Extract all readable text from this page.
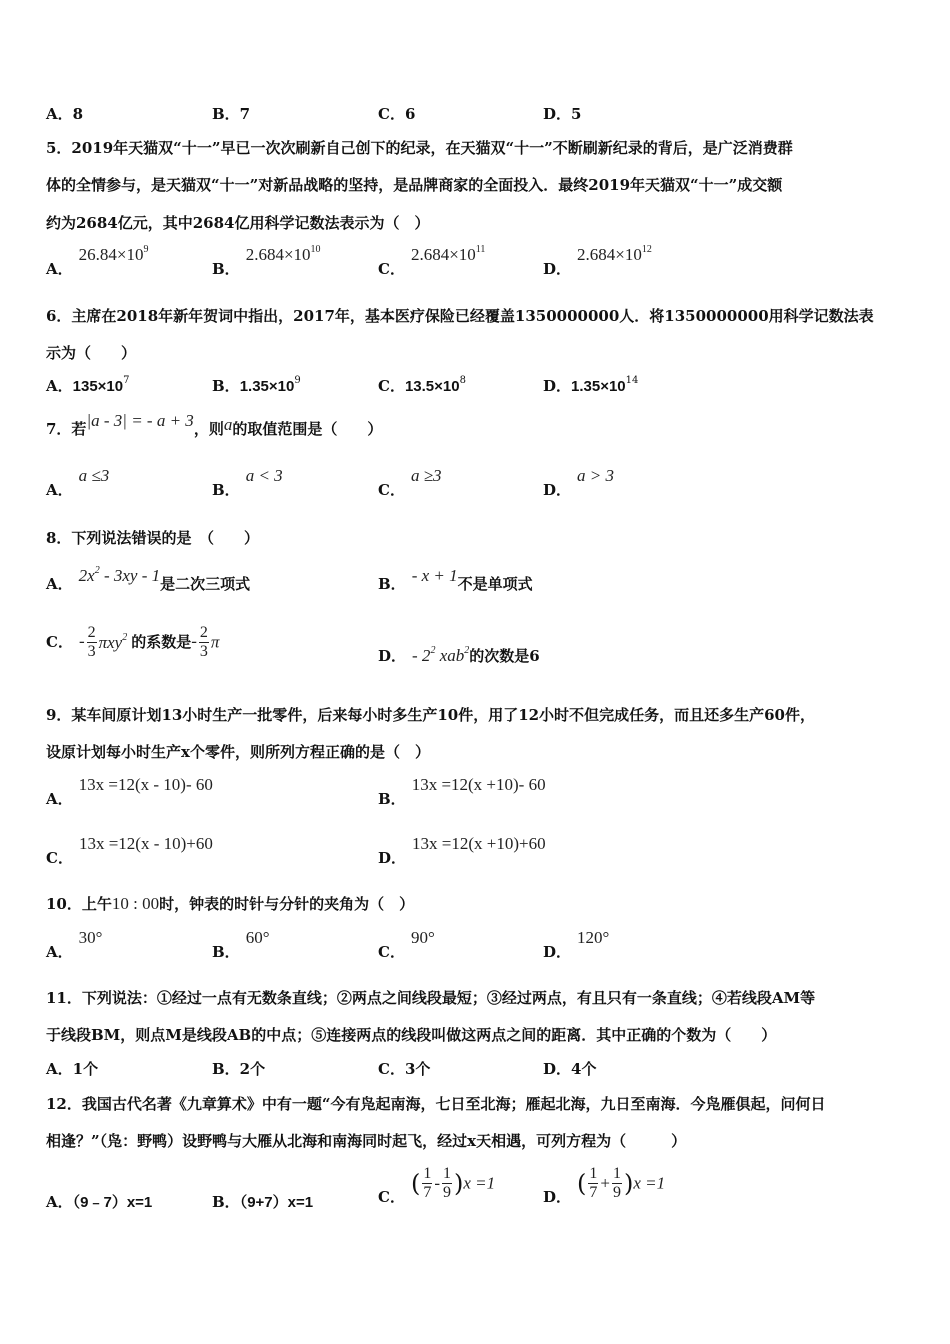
A．8	B．7	C．6	D．5
5．2019年天猫双“十一”早已一次次刷新自己创下的纪录，在天猫双“十一”不断刷新纪录的背后，是广泛消费群
体的全情参与，是天猫双“十一”对新品战略的坚持，是品牌商家的全面投入．最终2019年天猫双“十一”成交额
约为2684亿元，其中2684亿用科学记数法表示为（　）
A．$26.84\times 10^9$
B．$2.684\times 10^{10}$
C．$2.684\times 10^{11}$
D．$2.684\times 10^{12}$
6．主席在2018年新年贺词中指出，2017年，基本医疗保险已经覆盖1350000000人．将1350000000用科学记数法表
示为（　　）
A．$135\times 10^7$	B．$1.35\times 10^9$	C．$13.5\times 10^8$	D．$1.35\times 10^{14}$
7．若|a - 3| = - a + 3，则a的取值范围是（　　）
A．a ≤3
B．a < 3
C．a ≥3
D．a > 3
8．下列说法错误的是　（　　）
A． $2x^2 - 3xy - 1$是二次三项式	B． - x + 1不是单项式
C． - $\frac{2}{3} \pi xy^2$ 的系数是- $\frac{2}{3}$ π
D． - $2^2$ xab$^2$的次数是6
9．某车间原计划13小时生产一批零件，后来每小时多生产10件，用了12小时不但完成任务，而且还多生产60件，
设原计划每小时生产x个零件，则所列方程正确的是（　）
A．13x =12(x - 10)- 60
B．13x =12(x +10)- 60
C．13x =12(x - 10)+60
D．13x =12(x +10)+60
10．上午10 : 00时，钟表的时针与分针的夹角为（　）
A．30°
B．60°
C．90°
D．120°
11．下列说法：①经过一点有无数条直线；②两点之间线段最短；③经过两点，有且只有一条直线；④若线段AM等
于线段BM，则点M是线段AB的中点；⑤连接两点的线段叫做这两点之间的距离．其中正确的个数为（　　）
A．1个	B．2个	C．3个	D．4个
12．我国古代名著《九章算术》中有一题“今有凫起南海，七日至北海；雁起北海，九日至南海．今凫雁俱起，问何日
相逢？”（凫：野鸭）设野鸭与大雁从北海和南海同时起飞，经过x天相遇，可列方程为（　　　）
A．（9﹣7）x=1	B．（9+7）x=1	C． ( $\frac{1}{7} - \frac{1}{9} )x =1$
D． ( $\frac{1}{7} + \frac{1}{9} )x =1$
